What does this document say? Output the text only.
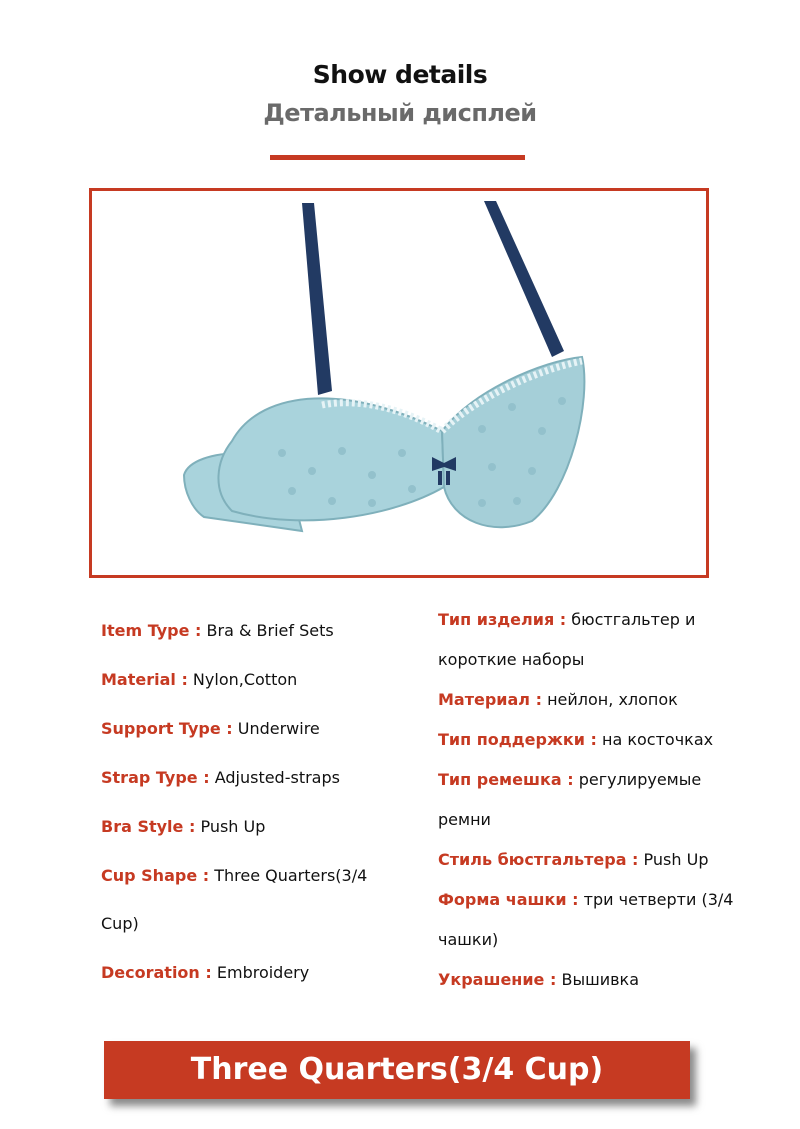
Show details
Детальный дисплей
Item Type : Bra & Brief Sets
Material : Nylon,Cotton
Support Type : Underwire
Strap Type : Adjusted-straps
Bra Style : Push Up
Cup Shape : Three Quarters(3/4
Cup)
Decoration : Embroidery
Тип изделия : бюстгальтер и
короткие наборы
Материал : нейлон, хлопок
Тип поддержки : на косточках
Тип ремешка : регулируемые
ремни
Стиль бюстгальтера : Push Up
Форма чашки : три четверти (3/4
чашки)
Украшение : Вышивка
Three Quarters(3/4 Cup)
